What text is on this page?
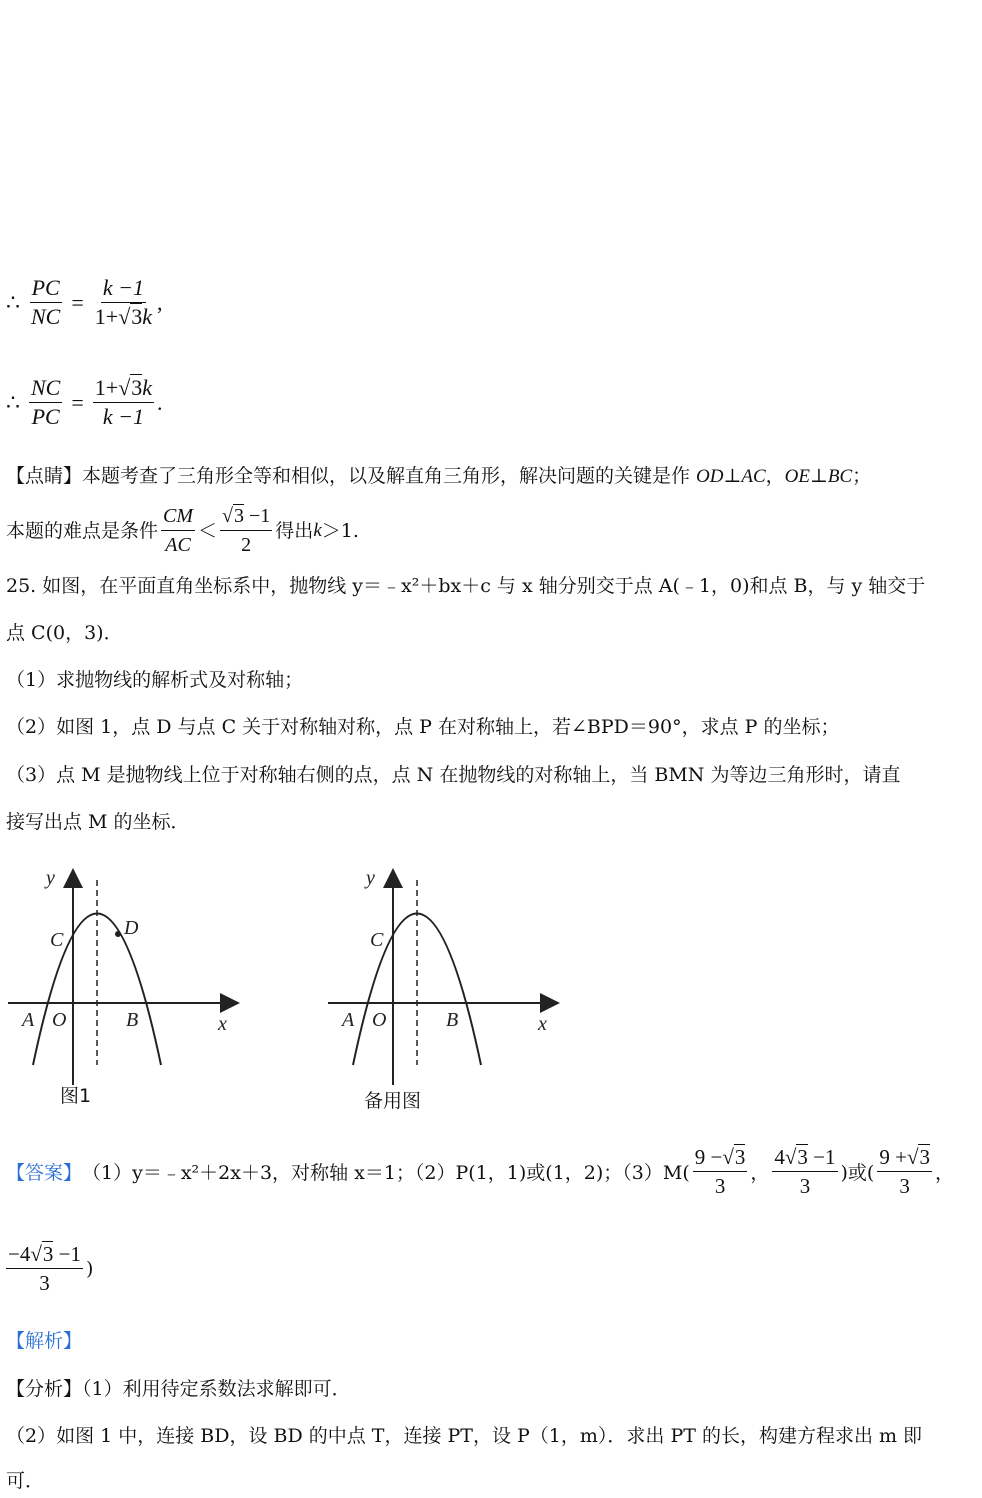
∴ $\frac{PC}{NC} = \frac{k -1}{1+√3k}$ ,
∴ $\frac{NC}{PC} = \frac{1+√3k}{k -1}$ .
【点睛】本题考查了三角形全等和相似，以及解直角三角形，解决问题的关键是作 OD⊥AC，OE⊥BC；
本题的难点是条件 $\frac{CM}{AC} < \frac{√3 -1}{2}$ 得出 k ＞1.
25. 如图，在平面直角坐标系中，抛物线 y＝﹣x²＋bx＋c 与 x 轴分别交于点 A(﹣1，0)和点 B，与 y 轴交于
点 C(0，3)．
（1）求抛物线的解析式及对称轴；
（2）如图 1，点 D 与点 C 关于对称轴对称，点 P 在对称轴上，若∠BPD＝90°，求点 P 的坐标；
（3）点 M 是抛物线上位于对称轴右侧的点，点 N 在抛物线的对称轴上，当 BMN 为等边三角形时，请直
接写出点 M 的坐标．
y
x
A O	B
C
D
图1
y
x
A O	B
C
备用图
【答案】 （1）y＝﹣x²＋2x＋3，对称轴 x＝1；（2）P(1，1)或(1，2)；$(3)M( \frac{9 -√3}{3}$ ， $\frac{4√3 -1}{3}$ )或( $\frac{9 +√3}{3}$ ，
$\frac{-4√3 -1}{3}$ )
【解析】
【分析】（1）利用待定系数法求解即可．
（2）如图 1 中，连接 BD，设 BD 的中点 T，连接 PT，设 P（1，m）．求出 PT 的长，构建方程求出 m 即
可．
